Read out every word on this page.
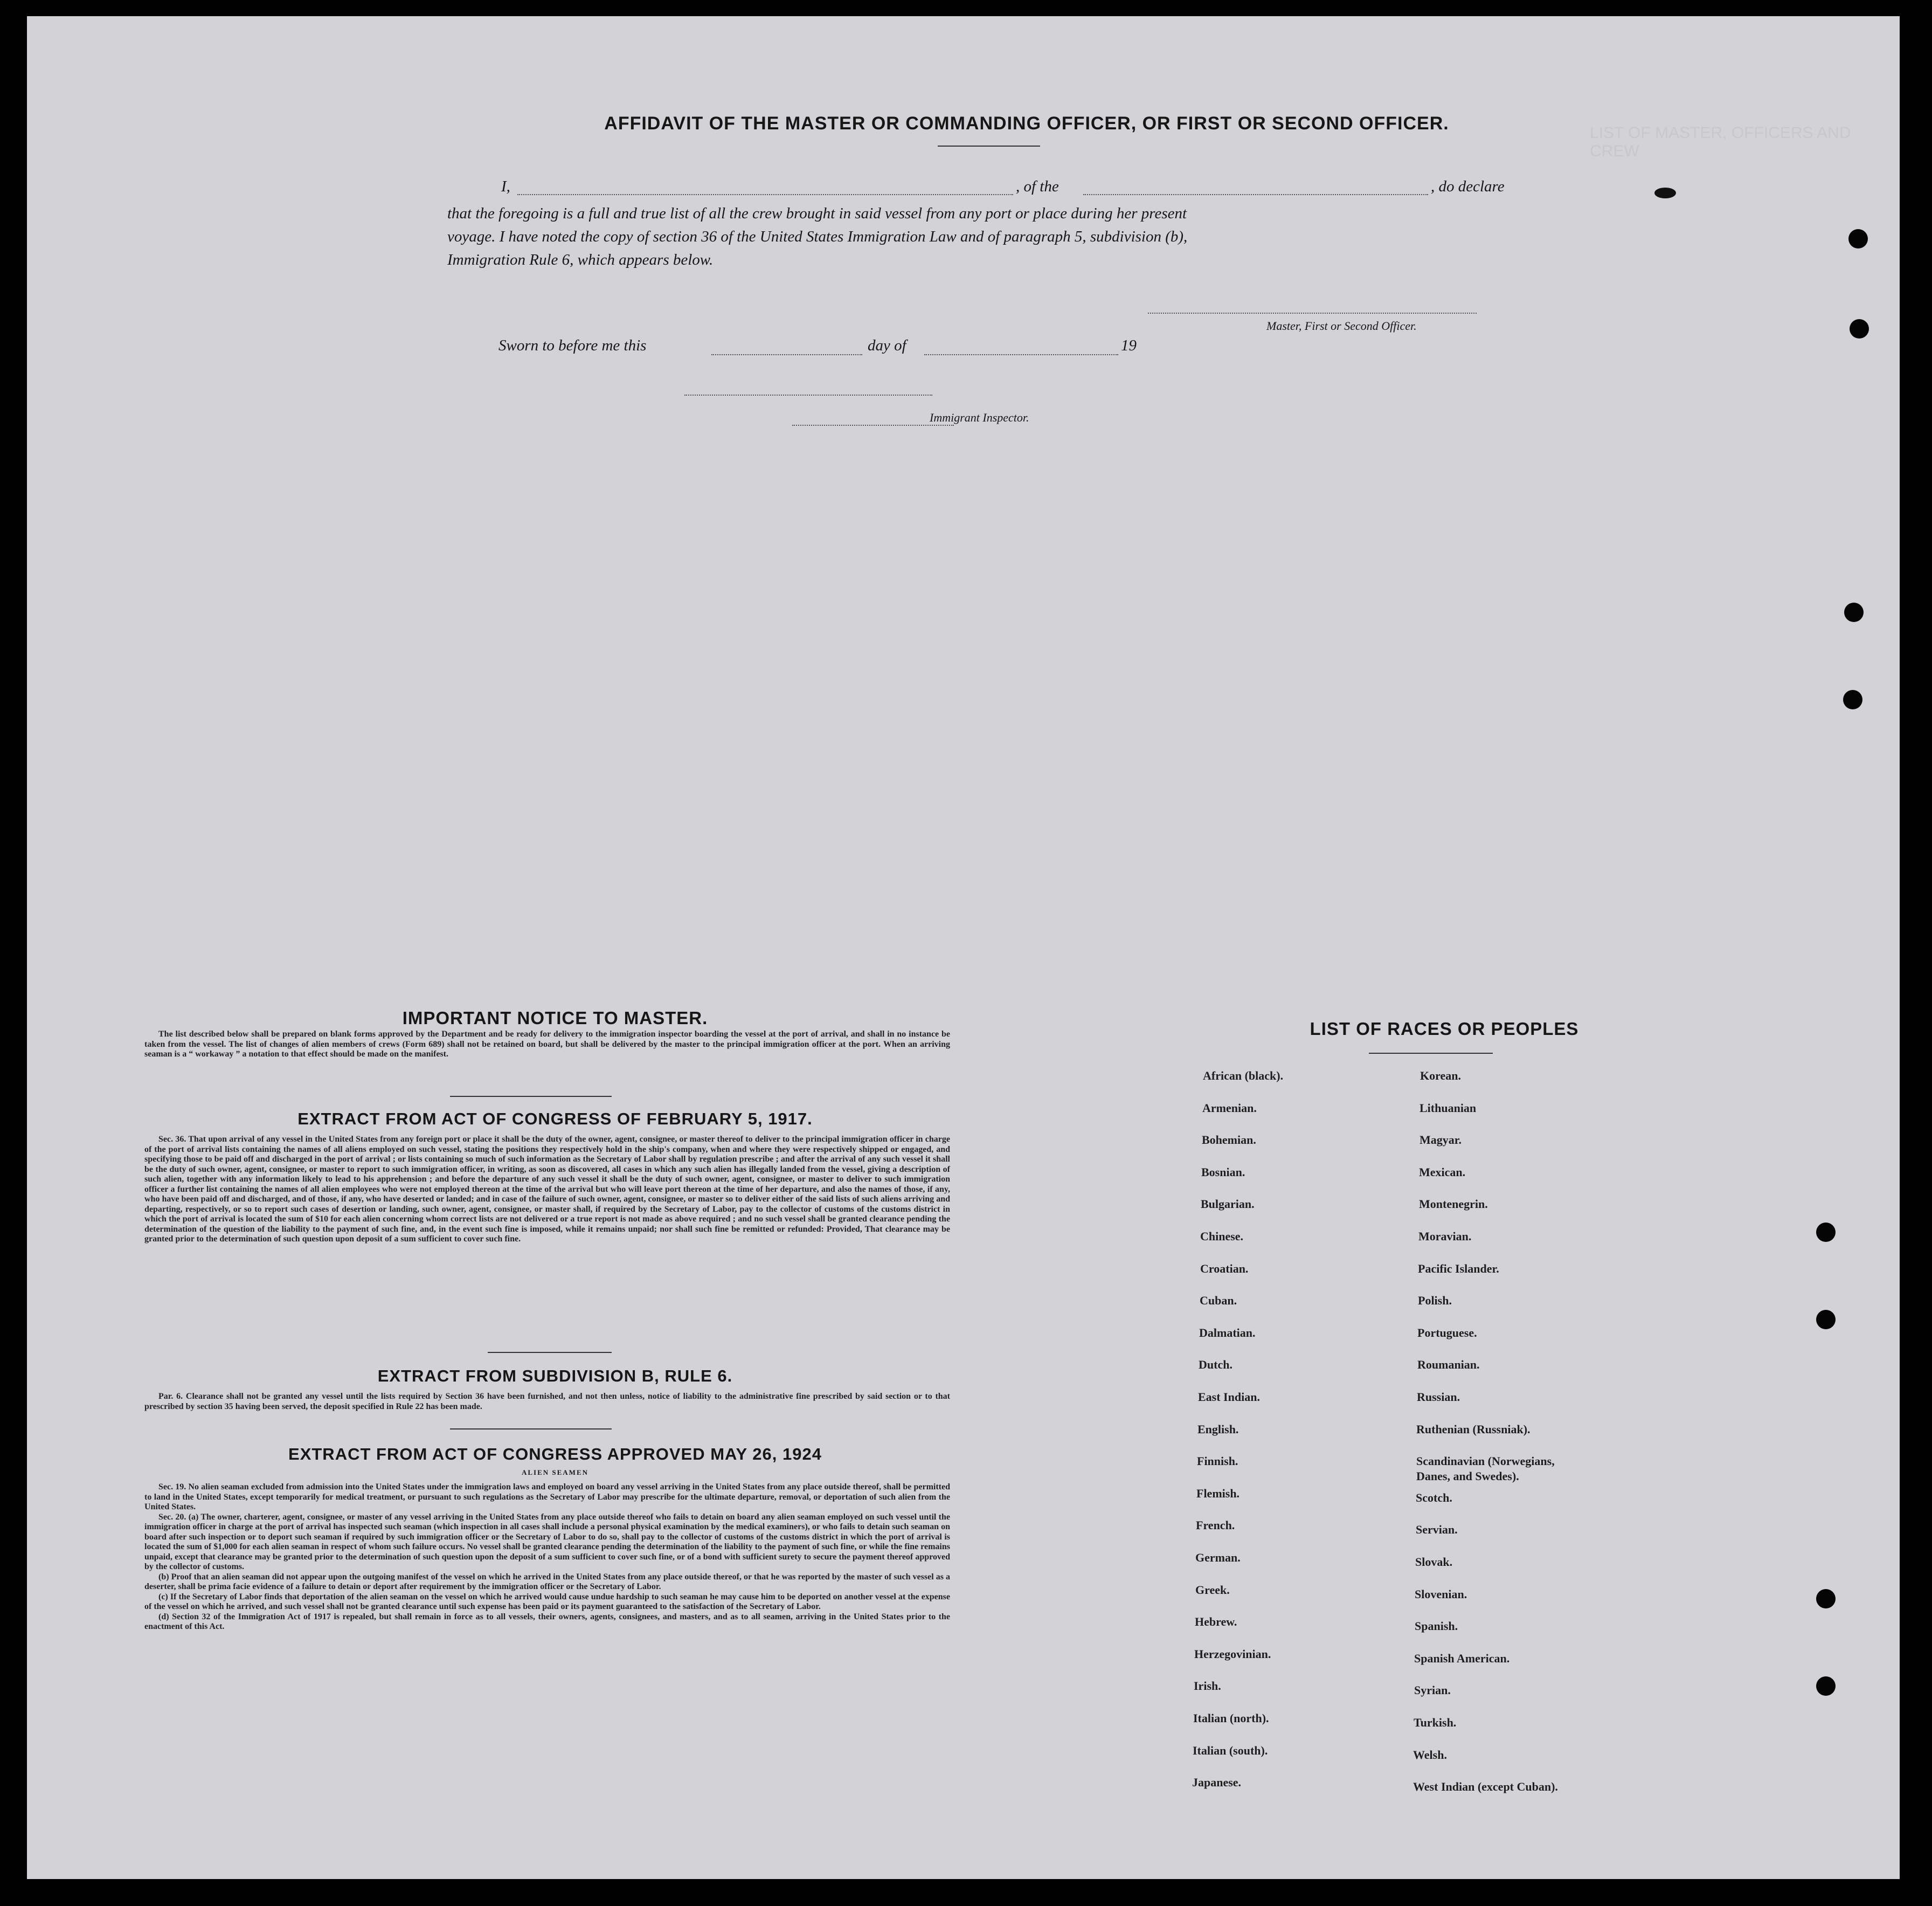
LIST OF MASTER, OFFICERS AND CREW
AFFIDAVIT OF THE MASTER OR COMMANDING OFFICER, OR FIRST OR SECOND OFFICER.
I,	, of the	, do declare
that the foregoing is a full and true list of all the crew brought in said vessel from any port or place during her present
voyage. I have noted the copy of section 36 of the United States Immigration Law and of paragraph 5, subdivision (b),
Immigration Rule 6, which appears below.
Master, First or Second Officer.
Sworn to before me this	day of	19
Immigrant Inspector.
IMPORTANT NOTICE TO MASTER.

The list described below shall be prepared on blank forms approved by the Department and be ready for delivery to the immigration inspector boarding the vessel at the port of arrival, and shall in no instance be taken from the vessel. The list of changes of alien members of crews (Form 689) shall not be retained on board, but shall be delivered by the master to the principal immigration officer at the port. When an arriving seaman is a “ workaway ” a notation to that effect should be made on the manifest.

EXTRACT FROM ACT OF CONGRESS OF FEBRUARY 5, 1917.

Sec. 36. That upon arrival of any vessel in the United States from any foreign port or place it shall be the duty of the owner, agent, consignee, or master thereof to deliver to the principal immigration officer in charge of the port of arrival lists containing the names of all aliens employed on such vessel, stating the positions they respectively hold in the ship's company, when and where they were respectively shipped or engaged, and specifying those to be paid off and discharged in the port of arrival ; or lists containing so much of such information as the Secretary of Labor shall by regulation prescribe ; and after the arrival of any such vessel it shall be the duty of such owner, agent, consignee, or master to report to such immigration officer, in writing, as soon as discovered, all cases in which any such alien has illegally landed from the vessel, giving a description of such alien, together with any information likely to lead to his apprehension ; and before the departure of any such vessel it shall be the duty of such owner, agent, consignee, or master to deliver to such immigration officer a further list containing the names of all alien employees who were not employed thereon at the time of the arrival but who will leave port thereon at the time of her departure, and also the names of those, if any, who have been paid off and discharged, and of those, if any, who have deserted or landed; and in case of the failure of such owner, agent, consignee, or master so to deliver either of the said lists of such aliens arriving and departing, respectively, or so to report such cases of desertion or landing, such owner, agent, consignee, or master shall, if required by the Secretary of Labor, pay to the collector of customs of the customs district in which the port of arrival is located the sum of $10 for each alien concerning whom correct lists are not delivered or a true report is not made as above required ; and no such vessel shall be granted clearance pending the determination of the question of the liability to the payment of such fine, and, in the event such fine is imposed, while it remains unpaid; nor shall such fine be remitted or refunded: Provided, That clearance may be granted prior to the determination of such question upon deposit of a sum sufficient to cover such fine.

EXTRACT FROM SUBDIVISION B, RULE 6.

Par. 6. Clearance shall not be granted any vessel until the lists required by Section 36 have been furnished, and not then unless, notice of liability to the administrative fine prescribed by said section or to that prescribed by section 35 having been served, the deposit specified in Rule 22 has been made.

EXTRACT FROM ACT OF CONGRESS APPROVED MAY 26, 1924
ALIEN SEAMEN

Sec. 19. No alien seaman excluded from admission into the United States under the immigration laws and employed on board any vessel arriving in the United States from any place outside thereof, shall be permitted to land in the United States, except temporarily for medical treatment, or pursuant to such regulations as the Secretary of Labor may prescribe for the ultimate departure, removal, or deportation of such alien from the United States.

Sec. 20. (a) The owner, charterer, agent, consignee, or master of any vessel arriving in the United States from any place outside thereof who fails to detain on board any alien seaman employed on such vessel until the immigration officer in charge at the port of arrival has inspected such seaman (which inspection in all cases shall include a personal physical examination by the medical examiners), or who fails to detain such seaman on board after such inspection or to deport such seaman if required by such immigration officer or the Secretary of Labor to do so, shall pay to the collector of customs of the customs district in which the port of arrival is located the sum of $1,000 for each alien seaman in respect of whom such failure occurs. No vessel shall be granted clearance pending the determination of the liability to the payment of such fine, or while the fine remains unpaid, except that clearance may be granted prior to the determination of such question upon the deposit of a sum sufficient to cover such fine, or of a bond with sufficient surety to secure the payment thereof approved by the collector of customs.

(b) Proof that an alien seaman did not appear upon the outgoing manifest of the vessel on which he arrived in the United States from any place outside thereof, or that he was reported by the master of such vessel as a deserter, shall be prima facie evidence of a failure to detain or deport after requirement by the immigration officer or the Secretary of Labor.

(c) If the Secretary of Labor finds that deportation of the alien seaman on the vessel on which he arrived would cause undue hardship to such seaman he may cause him to be deported on another vessel at the expense of the vessel on which he arrived, and such vessel shall not be granted clearance until such expense has been paid or its payment guaranteed to the satisfaction of the Secretary of Labor.

(d) Section 32 of the Immigration Act of 1917 is repealed, but shall remain in force as to all vessels, their owners, agents, consignees, and masters, and as to all seamen, arriving in the United States prior to the enactment of this Act.

LIST OF RACES OR PEOPLES
African (black).
Armenian.
Bohemian.
Bosnian.
Bulgarian.
Chinese.
Croatian.
Cuban.
Dalmatian.
Dutch.
East Indian.
English.
Finnish.
Flemish.
French.
German.
Greek.
Hebrew.
Herzegovinian.
Irish.
Italian (north).
Italian (south).
Japanese.
Korean.
Lithuanian
Magyar.
Mexican.
Montenegrin.
Moravian.
Pacific Islander.
Polish.
Portuguese.
Roumanian.
Russian.
Ruthenian (Russniak).
Scandinavian (Norwegians,
Danes, and Swedes).
Scotch.
Servian.
Slovak.
Slovenian.
Spanish.
Spanish American.
Syrian.
Turkish.
Welsh.
West Indian (except Cuban).
